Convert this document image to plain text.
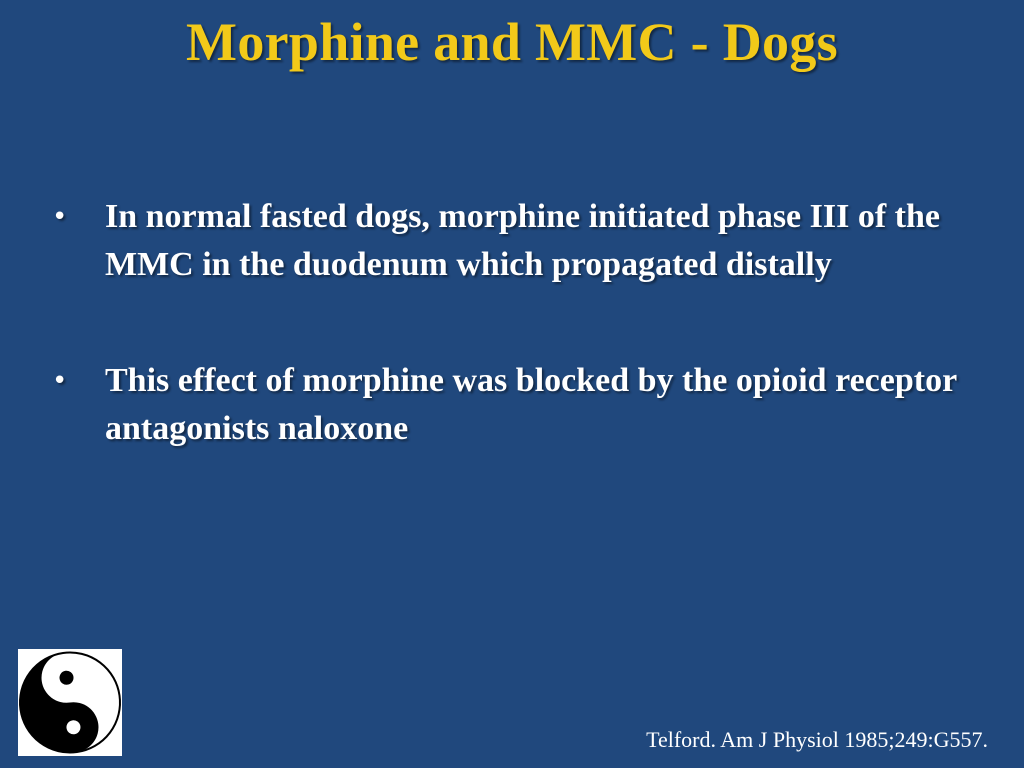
Morphine and MMC - Dogs
• In normal fasted dogs, morphine initiated phase III of the MMC in the duodenum which propagated distally
• This effect of morphine was blocked by the opioid receptor antagonists naloxone
Telford. Am J Physiol 1985;249:G557.
